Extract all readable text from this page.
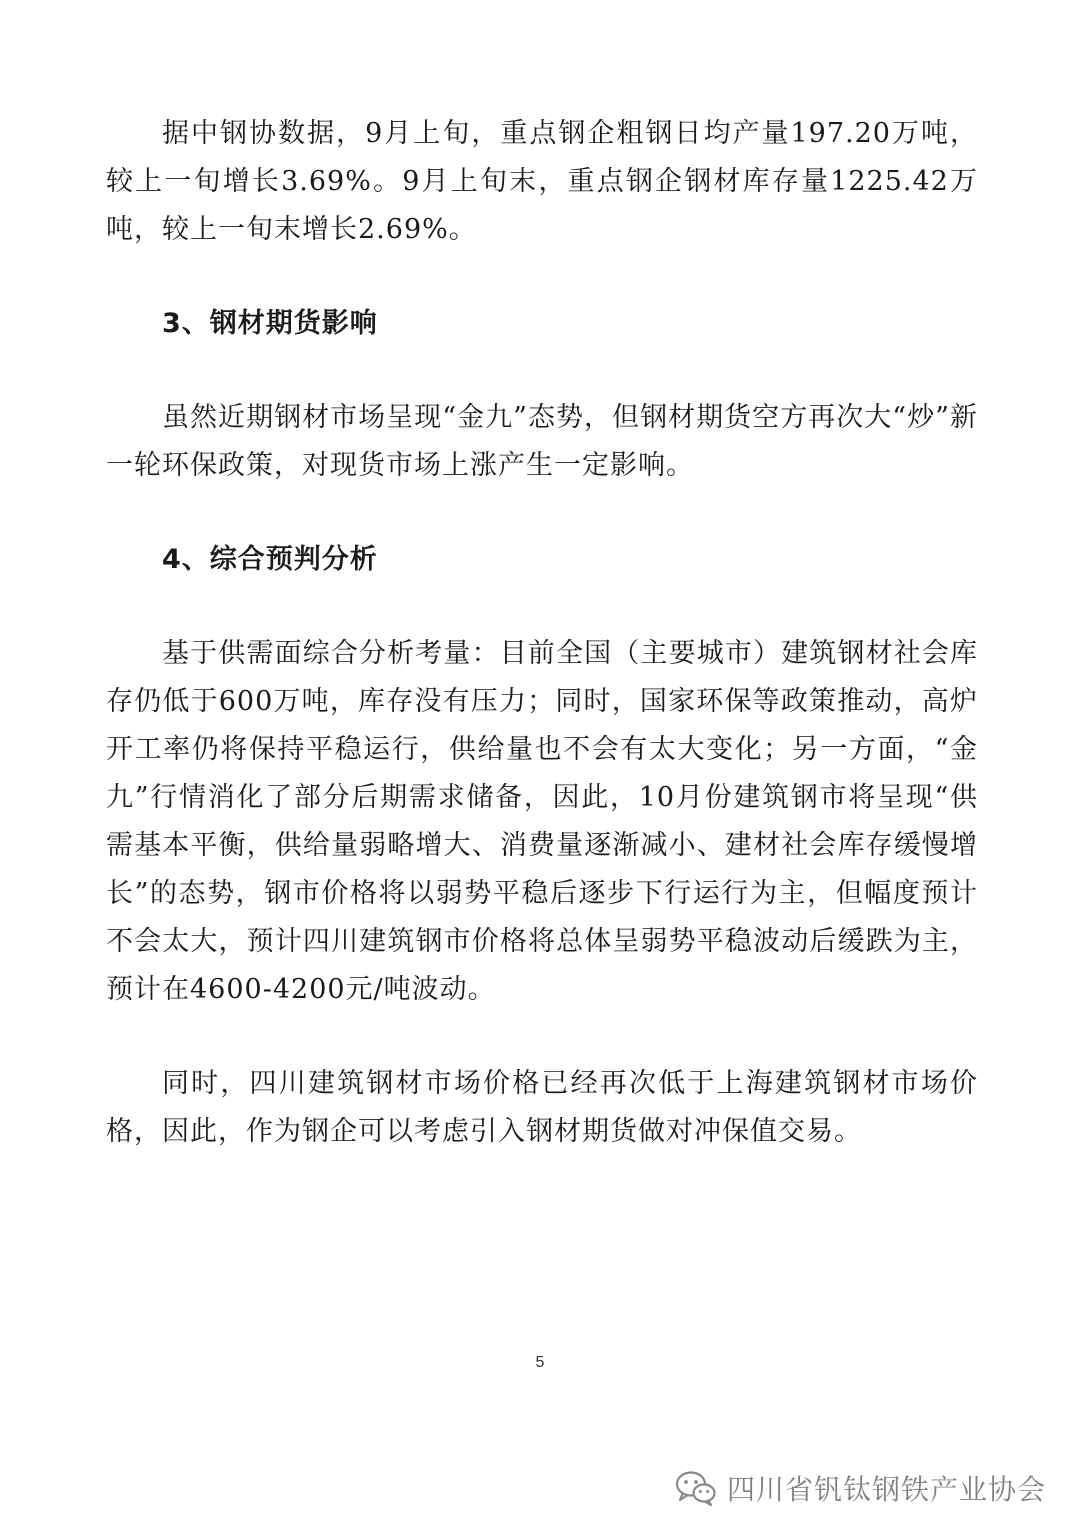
据中钢协数据，9月上旬，重点钢企粗钢日均产量197.20万吨，较上一旬增长3.69%。9月上旬末，重点钢企钢材库存量1225.42万吨，较上一旬末增长2.69%。

3、钢材期货影响

虽然近期钢材市场呈现“金九”态势，但钢材期货空方再次大“炒”新一轮环保政策，对现货市场上涨产生一定影响。

4、综合预判分析

基于供需面综合分析考量：目前全国（主要城市）建筑钢材社会库存仍低于600万吨，库存没有压力；同时，国家环保等政策推动，高炉开工率仍将保持平稳运行，供给量也不会有太大变化；另一方面，“金九”行情消化了部分后期需求储备，因此，10月份建筑钢市将呈现“供需基本平衡，供给量弱略增大、消费量逐渐减小、建材社会库存缓慢增长”的态势，钢市价格将以弱势平稳后逐步下行运行为主，但幅度预计不会太大，预计四川建筑钢市价格将总体呈弱势平稳波动后缓跌为主，预计在4600-4200元/吨波动。

同时，四川建筑钢材市场价格已经再次低于上海建筑钢材市场价格，因此，作为钢企可以考虑引入钢材期货做对冲保值交易。

5
四川省钒钛钢铁产业协会
